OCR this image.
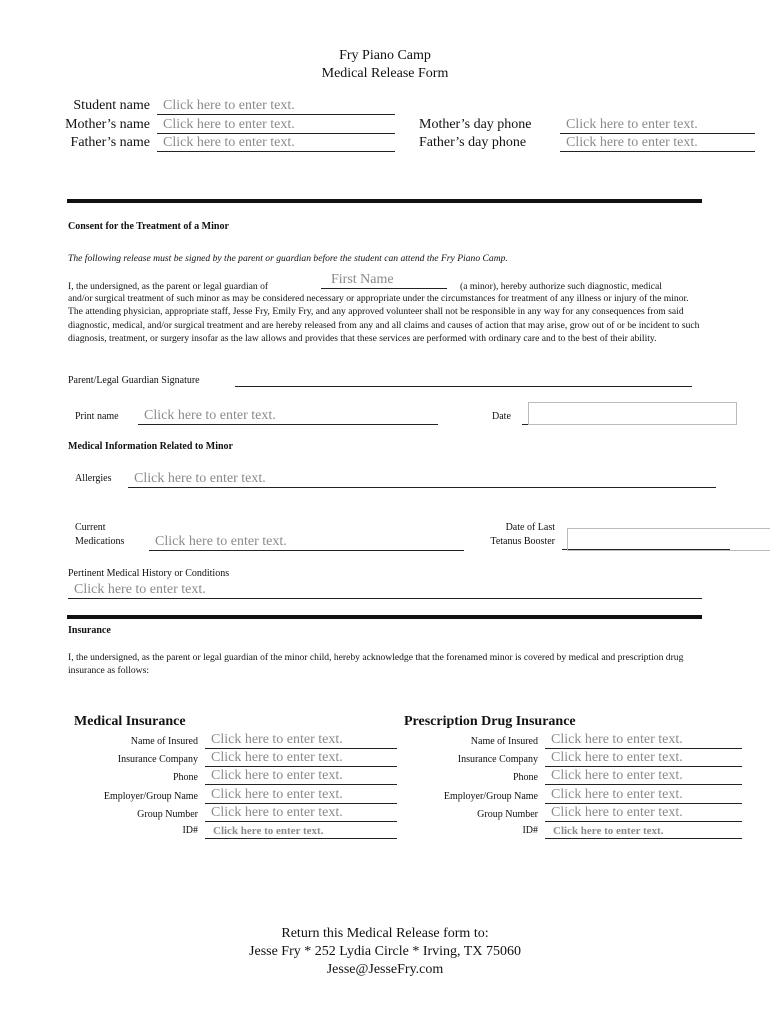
Fry Piano Camp
Medical Release Form
Student name Click here to enter text.
Mother’s name Click here to enter text.
Father’s name Click here to enter text.
Mother’s day phone	Click here to enter text.
Father’s day phone	Click here to enter text.
Consent for the Treatment of a Minor
The following release must be signed by the parent or guardian before the student can attend the Fry Piano Camp.
I, the undersigned, as the parent or legal guardian of	First Name	(a minor), hereby authorize such diagnostic, medical
and/or surgical treatment of such minor as may be considered necessary or appropriate under the circumstances for treatment of any illness or injury of the minor. The attending physician, appropriate staff, Jesse Fry, Emily Fry, and any approved volunteer shall not be responsible in any way for any consequences from said diagnostic, medical, and/or surgical treatment and are hereby released from any and all claims and causes of action that may arise, grow out of or be incident to such diagnosis, treatment, or surgery insofar as the law allows and provides that these services are performed with ordinary care and to the best of their ability.
Parent/Legal Guardian Signature
Print name	Click here to enter text.	Date
Medical Information Related to Minor
Allergies	Click here to enter text.
Current
Medications	Click here to enter text.
Date of Last
Tetanus Booster
Pertinent Medical History or Conditions
Click here to enter text.
Insurance
I, the undersigned, as the parent or legal guardian of the minor child, hereby acknowledge that the forenamed minor is covered by medical and prescription drug insurance as follows:
Medical Insurance	Prescription Drug Insurance
Name of Insured Click here to enter text.
Insurance Company Click here to enter text.
Phone Click here to enter text.
Employer/Group Name Click here to enter text.
Group Number Click here to enter text.
ID#	Click here to enter text.
Name of Insured Click here to enter text.
Insurance Company Click here to enter text.
Phone Click here to enter text.
Employer/Group Name Click here to enter text.
Group Number Click here to enter text.
ID#	Click here to enter text.
Return this Medical Release form to:
Jesse Fry * 252 Lydia Circle * Irving, TX 75060
Jesse@JesseFry.com
